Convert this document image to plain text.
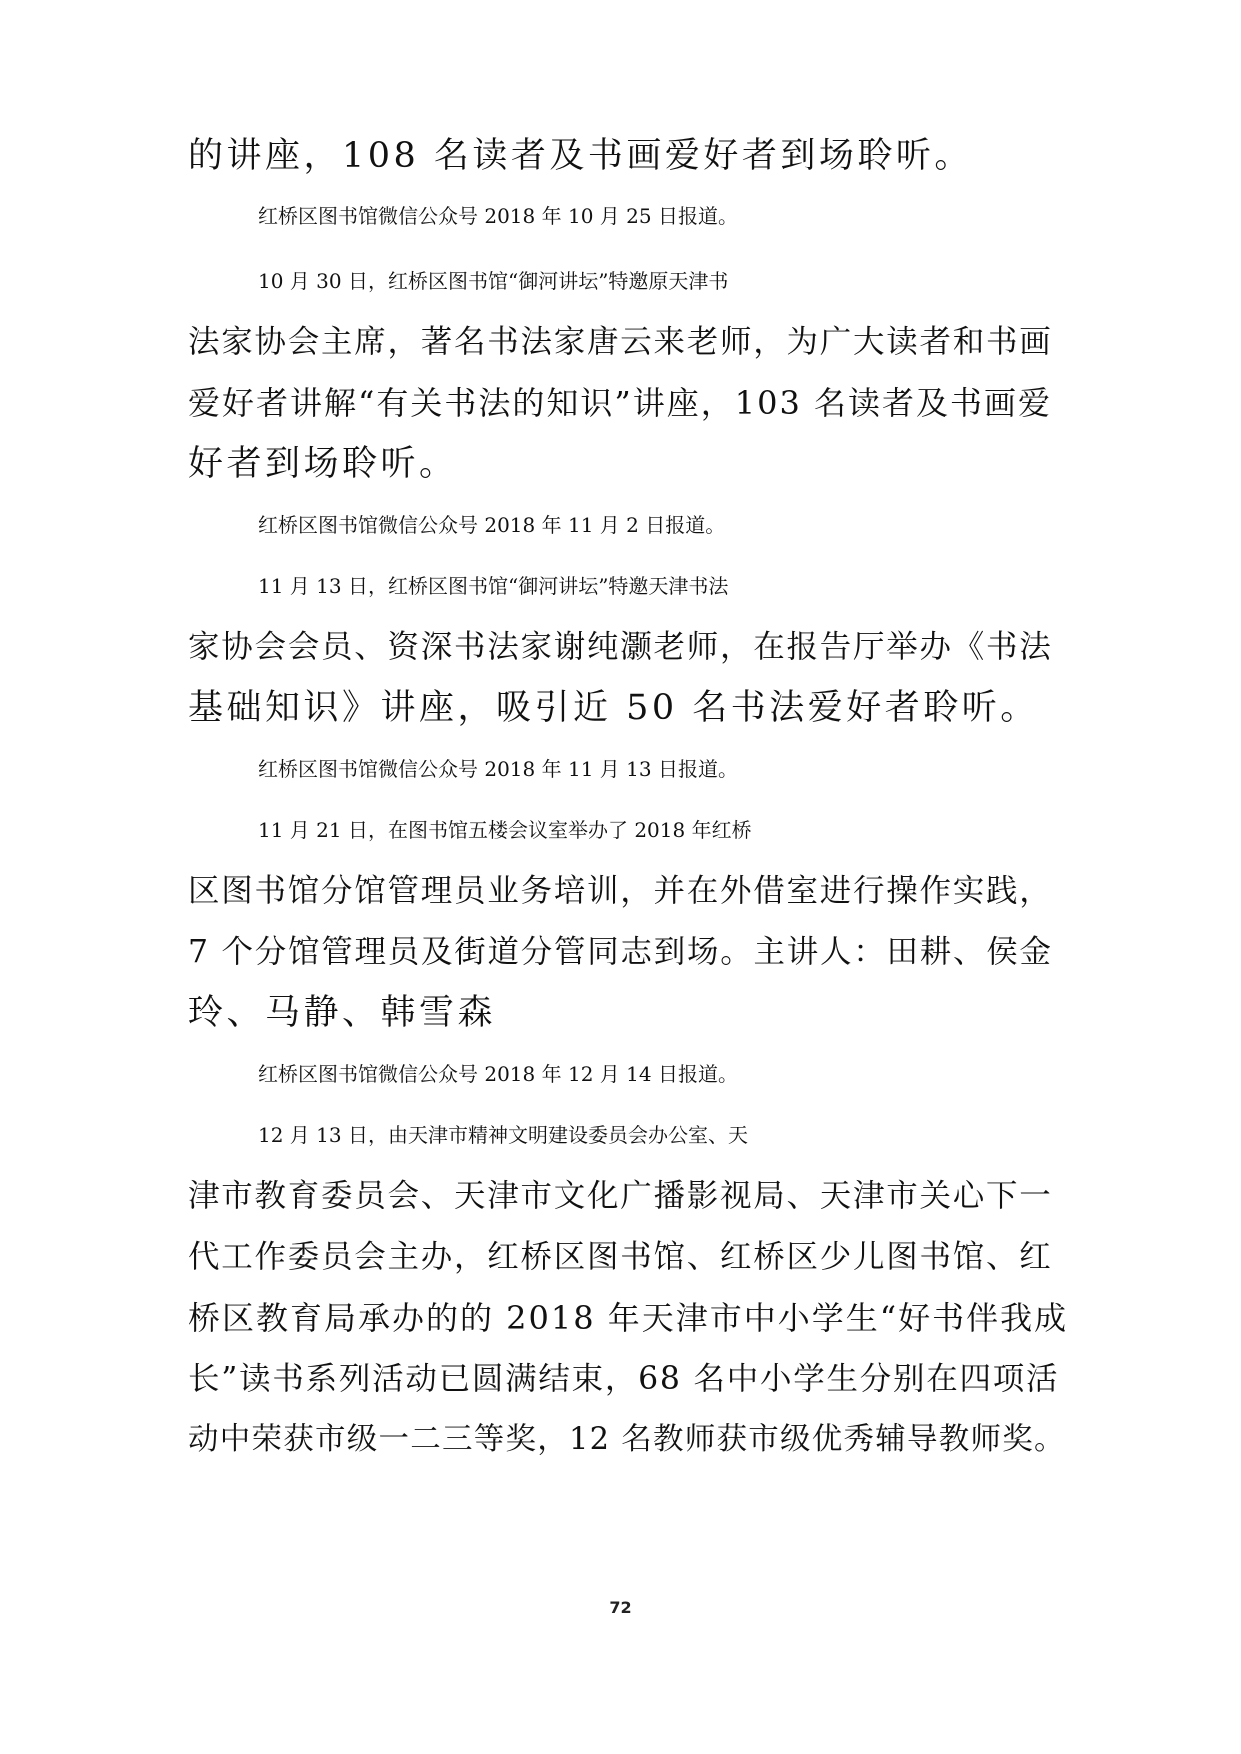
的讲座，108 名读者及书画爱好者到场聆听。
红桥区图书馆微信公众号 2018 年 10 月 25 日报道。
10 月 30 日，红桥区图书馆“御河讲坛”特邀原天津书
法家协会主席，著名书法家唐云来老师，为广大读者和书画
爱好者讲解“有关书法的知识”讲座，103 名读者及书画爱
好者到场聆听。
红桥区图书馆微信公众号 2018 年 11 月 2 日报道。
11 月 13 日，红桥区图书馆“御河讲坛”特邀天津书法
家协会会员、资深书法家谢纯灏老师，在报告厅举办《书法
基础知识》讲座，吸引近 50 名书法爱好者聆听。
红桥区图书馆微信公众号 2018 年 11 月 13 日报道。
11 月 21 日，在图书馆五楼会议室举办了 2018 年红桥
区图书馆分馆管理员业务培训，并在外借室进行操作实践，
7 个分馆管理员及街道分管同志到场。主讲人：田耕、侯金
玲、马静、韩雪森
红桥区图书馆微信公众号 2018 年 12 月 14 日报道。
12 月 13 日，由天津市精神文明建设委员会办公室、天
津市教育委员会、天津市文化广播影视局、天津市关心下一
代工作委员会主办，红桥区图书馆、红桥区少儿图书馆、红
桥区教育局承办的的 2018 年天津市中小学生“好书伴我成
长”读书系列活动已圆满结束，68 名中小学生分别在四项活
动中荣获市级一二三等奖，12 名教师获市级优秀辅导教师奖。
72
